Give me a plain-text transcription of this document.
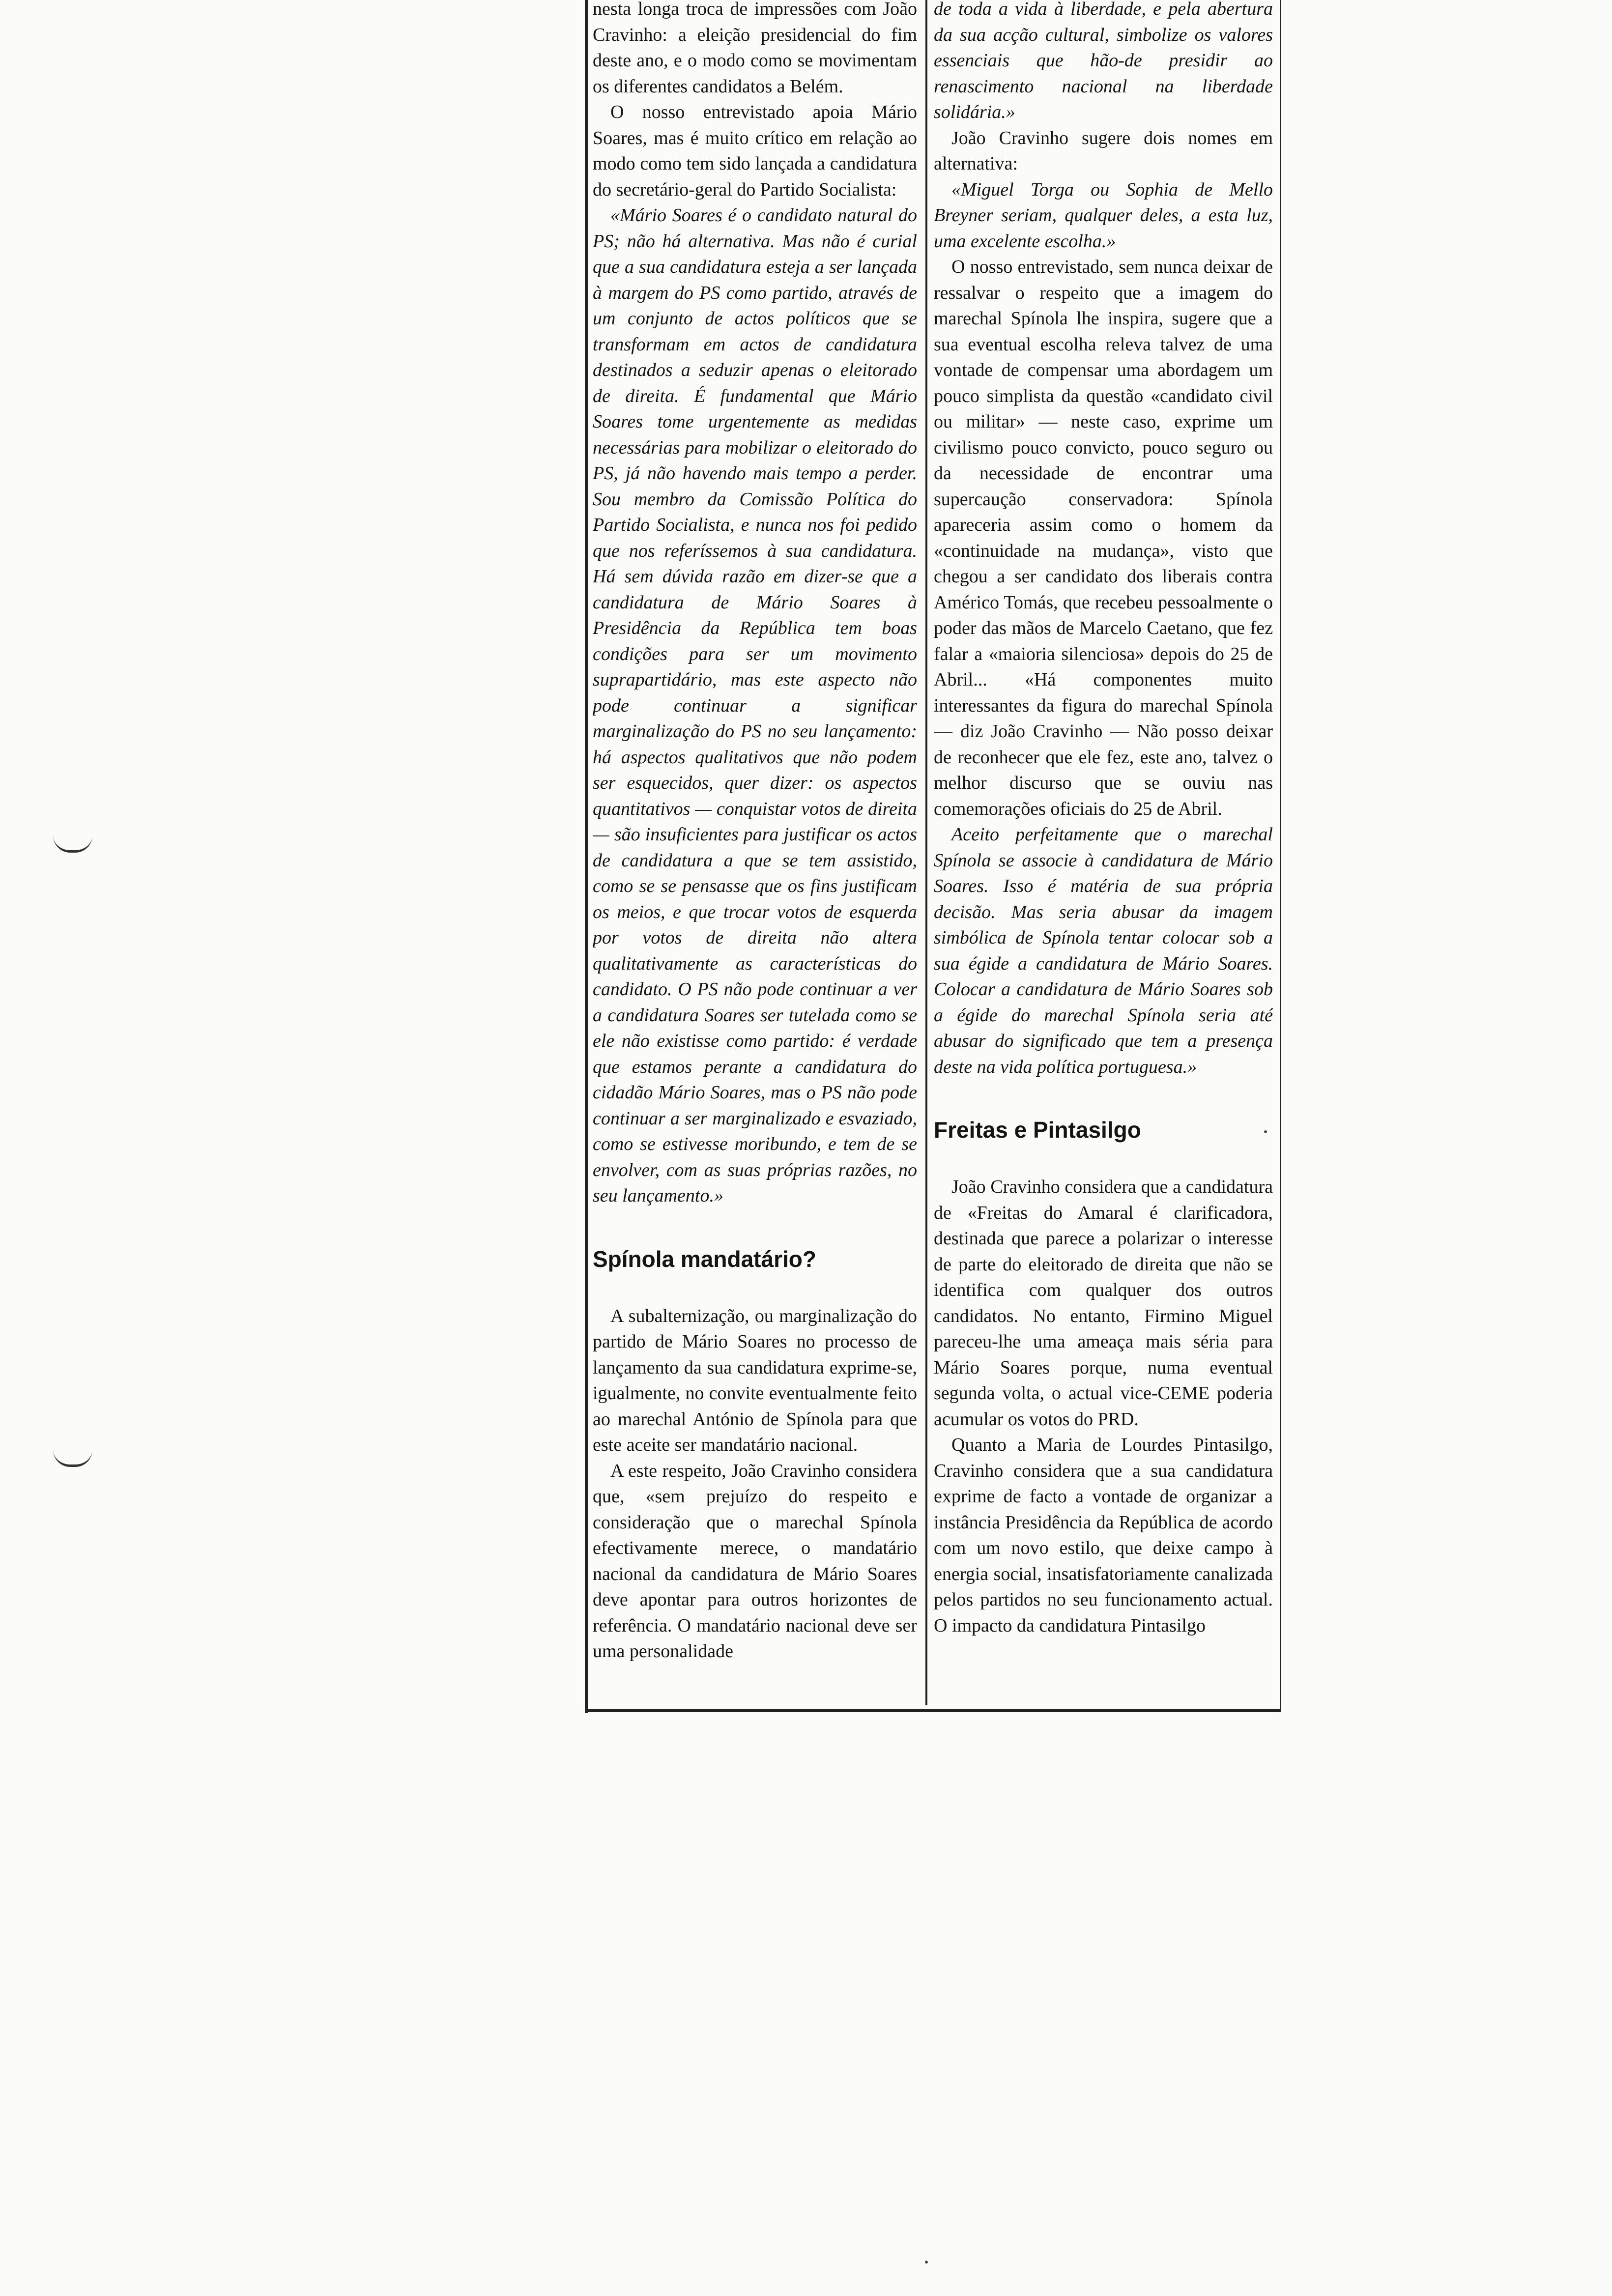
nesta longa troca de impressões com João Cravinho: a eleição presidencial do fim deste ano, e o modo como se movimentam os diferentes candidatos a Belém.

O nosso entrevistado apoia Mário Soares, mas é muito crítico em relação ao modo como tem sido lançada a candidatura do secretário-geral do Partido Socialista:

«Mário Soares é o candidato natural do PS; não há alternativa. Mas não é curial que a sua candidatura esteja a ser lançada à margem do PS como partido, através de um conjunto de actos políticos que se transformam em actos de candidatura destinados a seduzir apenas o eleitorado de direita. É fundamental que Mário Soares tome urgentemente as medidas necessárias para mobilizar o eleitorado do PS, já não havendo mais tempo a perder. Sou membro da Comissão Política do Partido Socialista, e nunca nos foi pedido que nos referíssemos à sua candidatura. Há sem dúvida razão em dizer-se que a candidatura de Mário Soares à Presidência da República tem boas condições para ser um movimento suprapartidário, mas este aspecto não pode continuar a significar marginalização do PS no seu lançamento: há aspectos qualitativos que não podem ser esquecidos, quer dizer: os aspectos quantitativos — conquistar votos de direita — são insuficientes para justificar os actos de candidatura a que se tem assistido, como se se pensasse que os fins justificam os meios, e que trocar votos de esquerda por votos de direita não altera qualitativamente as características do candidato. O PS não pode continuar a ver a candidatura Soares ser tutelada como se ele não existisse como partido: é verdade que estamos perante a candidatura do cidadão Mário Soares, mas o PS não pode continuar a ser marginalizado e esvaziado, como se estivesse moribundo, e tem de se envolver, com as suas próprias razões, no seu lançamento.»

Spínola mandatário?

A subalternização, ou marginalização do partido de Mário Soares no processo de lançamento da sua candidatura exprime-se, igualmente, no convite eventualmente feito ao marechal António de Spínola para que este aceite ser mandatário nacional.

A este respeito, João Cravinho considera que, «sem prejuízo do respeito e consideração que o marechal Spínola efectivamente merece, o mandatário nacional da candidatura de Mário Soares deve apontar para outros horizontes de referência. O mandatário nacional deve ser uma personalidade

de toda a vida à liberdade, e pela abertura da sua acção cultural, simbolize os valores essenciais que hão-de presidir ao renascimento nacional na liberdade solidária.»

João Cravinho sugere dois nomes em alternativa:

«Miguel Torga ou Sophia de Mello Breyner seriam, qualquer deles, a esta luz, uma excelente escolha.»

O nosso entrevistado, sem nunca deixar de ressalvar o respeito que a imagem do marechal Spínola lhe inspira, sugere que a sua eventual escolha releva talvez de uma vontade de compensar uma abordagem um pouco simplista da questão «candidato civil ou militar» — neste caso, exprime um civilismo pouco convicto, pouco seguro ou da necessidade de encontrar uma supercaução conservadora: Spínola apareceria assim como o homem da «continuidade na mudança», visto que chegou a ser candidato dos liberais contra Américo Tomás, que recebeu pessoalmente o poder das mãos de Marcelo Caetano, que fez falar a «maioria silenciosa» depois do 25 de Abril... «Há componentes muito interessantes da figura do marechal Spínola — diz João Cravinho — Não posso deixar de reconhecer que ele fez, este ano, talvez o melhor discurso que se ouviu nas comemorações oficiais do 25 de Abril.

Aceito perfeitamente que o marechal Spínola se associe à candidatura de Mário Soares. Isso é matéria de sua própria decisão. Mas seria abusar da imagem simbólica de Spínola tentar colocar sob a sua égide a candidatura de Mário Soares. Colocar a candidatura de Mário Soares sob a égide do marechal Spínola seria até abusar do significado que tem a presença deste na vida política portuguesa.»

Freitas e Pintasilgo

João Cravinho considera que a candidatura de «Freitas do Amaral é clarificadora, destinada que parece a polarizar o interesse de parte do eleitorado de direita que não se identifica com qualquer dos outros candidatos. No entanto, Firmino Miguel pareceu-lhe uma ameaça mais séria para Mário Soares porque, numa eventual segunda volta, o actual vice-CEME poderia acumular os votos do PRD.

Quanto a Maria de Lourdes Pintasilgo, Cravinho considera que a sua candidatura exprime de facto a vontade de organizar a instância Presidência da República de acordo com um novo estilo, que deixe campo à energia social, insatisfatoriamente canalizada pelos partidos no seu funcionamento actual. O impacto da candidatura Pintasilgo
